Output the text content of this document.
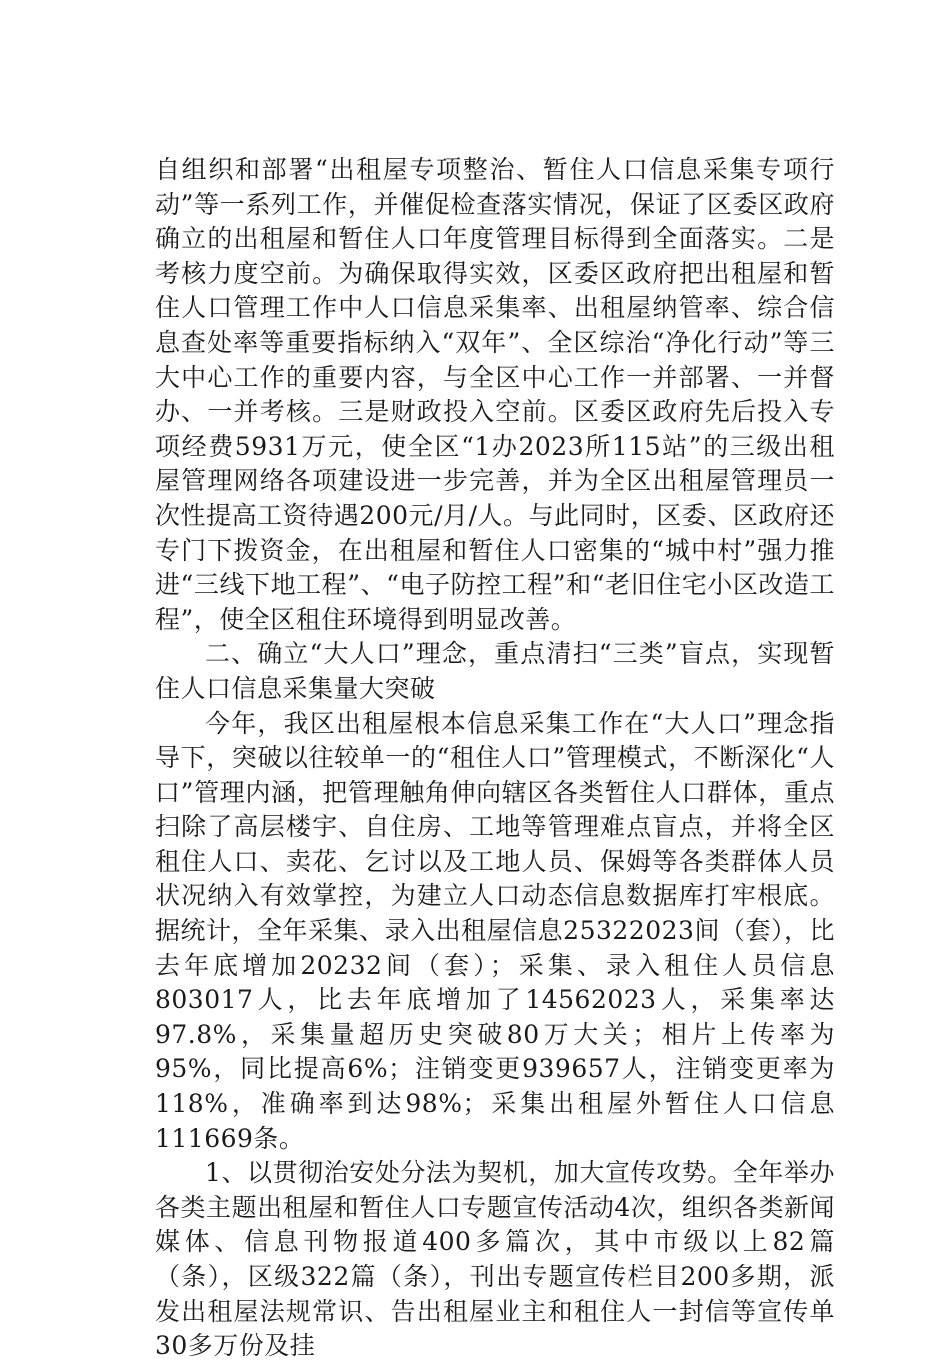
自组织和部署“出租屋专项整治、暂住人口信息采集专项行动”等一系列工作，并催促检查落实情况，保证了区委区政府确立的出租屋和暂住人口年度管理目标得到全面落实。二是考核力度空前。为确保取得实效，区委区政府把出租屋和暂住人口管理工作中人口信息采集率、出租屋纳管率、综合信息查处率等重要指标纳入“双年”、全区综治“净化行动”等三大中心工作的重要内容，与全区中心工作一并部署、一并督办、一并考核。三是财政投入空前。区委区政府先后投入专项经费5931万元，使全区“1办2023所115站”的三级出租屋管理网络各项建设进一步完善，并为全区出租屋管理员一次性提高工资待遇200元/月/人。与此同时，区委、区政府还专门下拨资金，在出租屋和暂住人口密集的“城中村”强力推进“三线下地工程”、“电子防控工程”和“老旧住宅小区改造工程”，使全区租住环境得到明显改善。

二、确立“大人口”理念，重点清扫“三类”盲点，实现暂住人口信息采集量大突破

今年，我区出租屋根本信息采集工作在“大人口”理念指导下，突破以往较单一的“租住人口”管理模式，不断深化“人口”管理内涵，把管理触角伸向辖区各类暂住人口群体，重点扫除了高层楼宇、自住房、工地等管理难点盲点，并将全区租住人口、卖花、乞讨以及工地人员、保姆等各类群体人员状况纳入有效掌控，为建立人口动态信息数据库打牢根底。据统计，全年采集、录入出租屋信息25322023间（套），比去年底增加20232间（套）；采集、录入租住人员信息803017人，比去年底增加了14562023人，采集率达97.8%，采集量超历史突破80万大关；相片上传率为95%，同比提高6%；注销变更939657人，注销变更率为118%，准确率到达98%；采集出租屋外暂住人口信息111669条。

1、以贯彻治安处分法为契机，加大宣传攻势。全年举办各类主题出租屋和暂住人口专题宣传活动4次，组织各类新闻媒体、信息刊物报道400多篇次，其中市级以上82篇（条），区级322篇（条），刊出专题宣传栏目200多期，派发出租屋法规常识、告出租屋业主和租住人一封信等宣传单30多万份及挂
